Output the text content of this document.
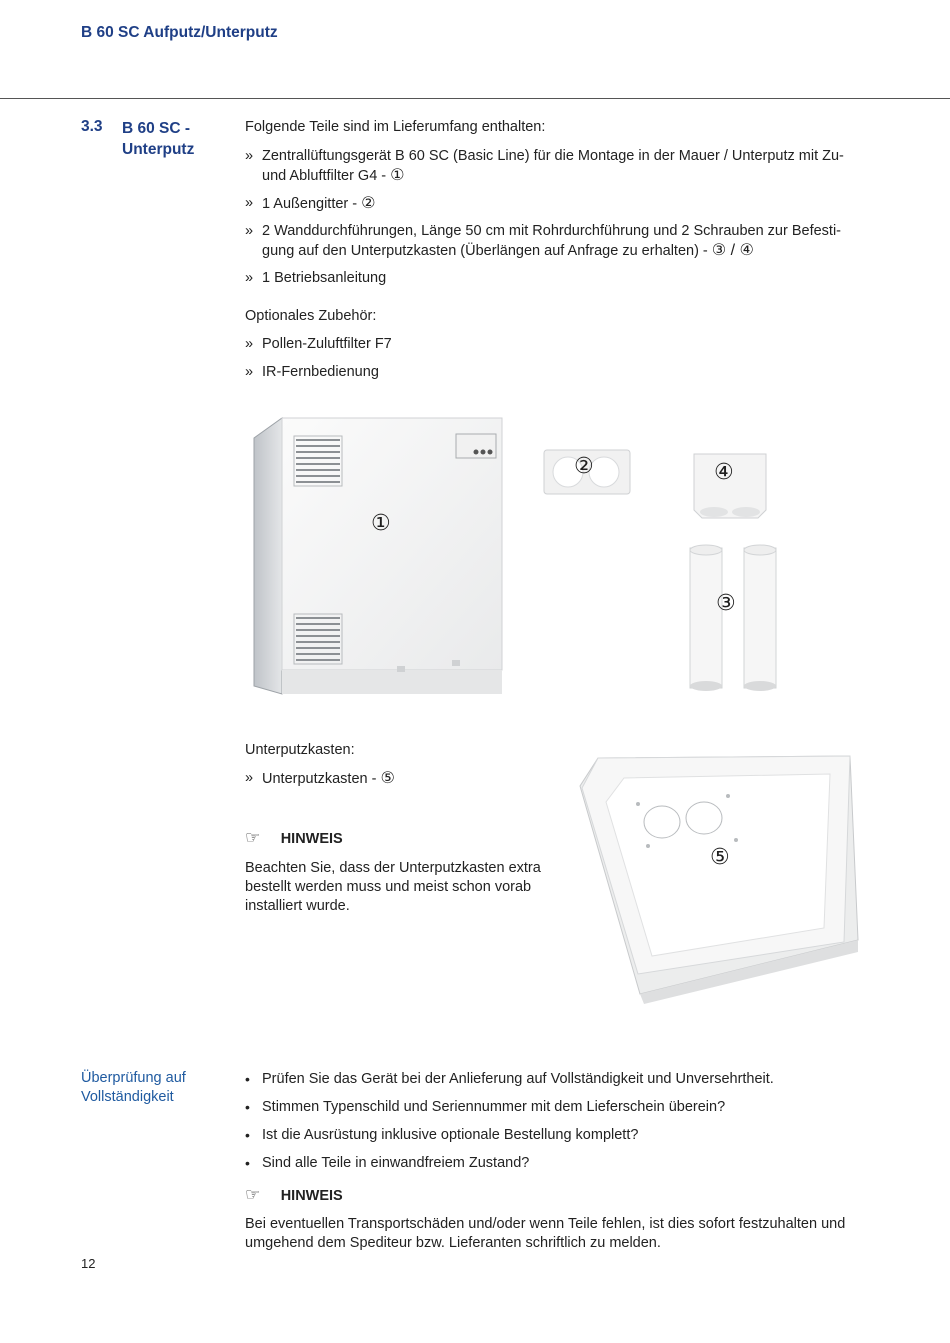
B 60 SC Aufputz/Unterputz
3.3 B 60 SC - Unterputz
Folgende Teile sind im Lieferumfang enthalten:
» Zentrallüftungsgerät B 60 SC (Basic Line) für die Montage in der Mauer / Unterputz mit Zu- und Abluftfilter G4 - ①
» 1 Außengitter - ②
» 2 Wanddurchführungen, Länge 50 cm mit Rohrdurchführung und 2 Schrauben zur Befesti-gung auf den Unterputzkasten (Überlängen auf Anfrage zu erhalten) - ③ / ④
» 1 Betriebsanleitung
Optionales Zubehör:
» Pollen-Zuluftfilter F7
» IR-Fernbedienung
①
②	④
③
Unterputzkasten:
» Unterputzkasten - ⑤
☞ HINWEIS
Beachten Sie, dass der Unterputzkasten extra bestellt werden muss und meist schon vorab installiert wurde.
⑤
Überprüfung auf Vollständigkeit
• Prüfen Sie das Gerät bei der Anlieferung auf Vollständigkeit und Unversehrtheit.
• Stimmen Typenschild und Seriennummer mit dem Lieferschein überein?
• Ist die Ausrüstung inklusive optionale Bestellung komplett?
• Sind alle Teile in einwandfreiem Zustand?
☞ HINWEIS
Bei eventuellen Transportschäden und/oder wenn Teile fehlen, ist dies sofort festzuhalten und umgehend dem Spediteur bzw. Lieferanten schriftlich zu melden.
12
